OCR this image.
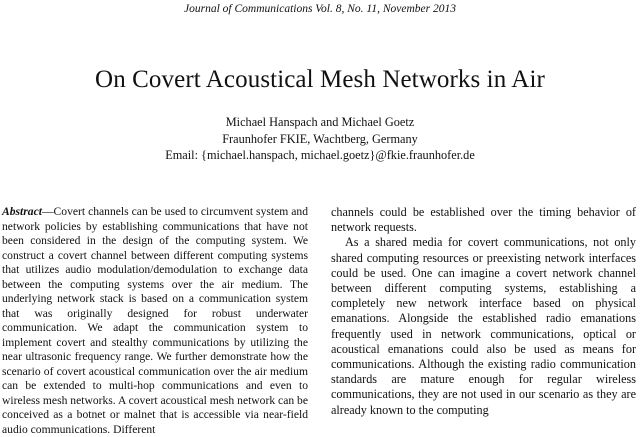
Journal of Communications Vol. 8, No. 11, November 2013
On Covert Acoustical Mesh Networks in Air
Michael Hanspach and Michael Goetz
Fraunhofer FKIE, Wachtberg, Germany
Email: {michael.hanspach, michael.goetz}@fkie.fraunhofer.de

Abstract—Covert channels can be used to circumvent system and network policies by establishing communications that have not been considered in the design of the computing system. We construct a covert channel between different computing systems that utilizes audio modulation/demodulation to exchange data between the computing systems over the air medium. The underlying network stack is based on a communication system that was originally designed for robust underwater communication. We adapt the communication system to implement covert and stealthy communications by utilizing the near ultrasonic frequency range. We further demonstrate how the scenario of covert acoustical communication over the air medium can be extended to multi-hop communications and even to wireless mesh networks. A covert acoustical mesh network can be conceived as a botnet or malnet that is accessible via near-field audio communications. Different

channels could be established over the timing behavior of network requests.

As a shared media for covert communications, not only shared computing resources or preexisting network interfaces could be used. One can imagine a covert network channel between different computing systems, establishing a completely new network interface based on physical emanations. Alongside the established radio emanations frequently used in network communications, optical or acoustical emanations could also be used as means for communications. Although the existing radio communication standards are mature enough for regular wireless communications, they are not used in our scenario as they are already known to the computing
